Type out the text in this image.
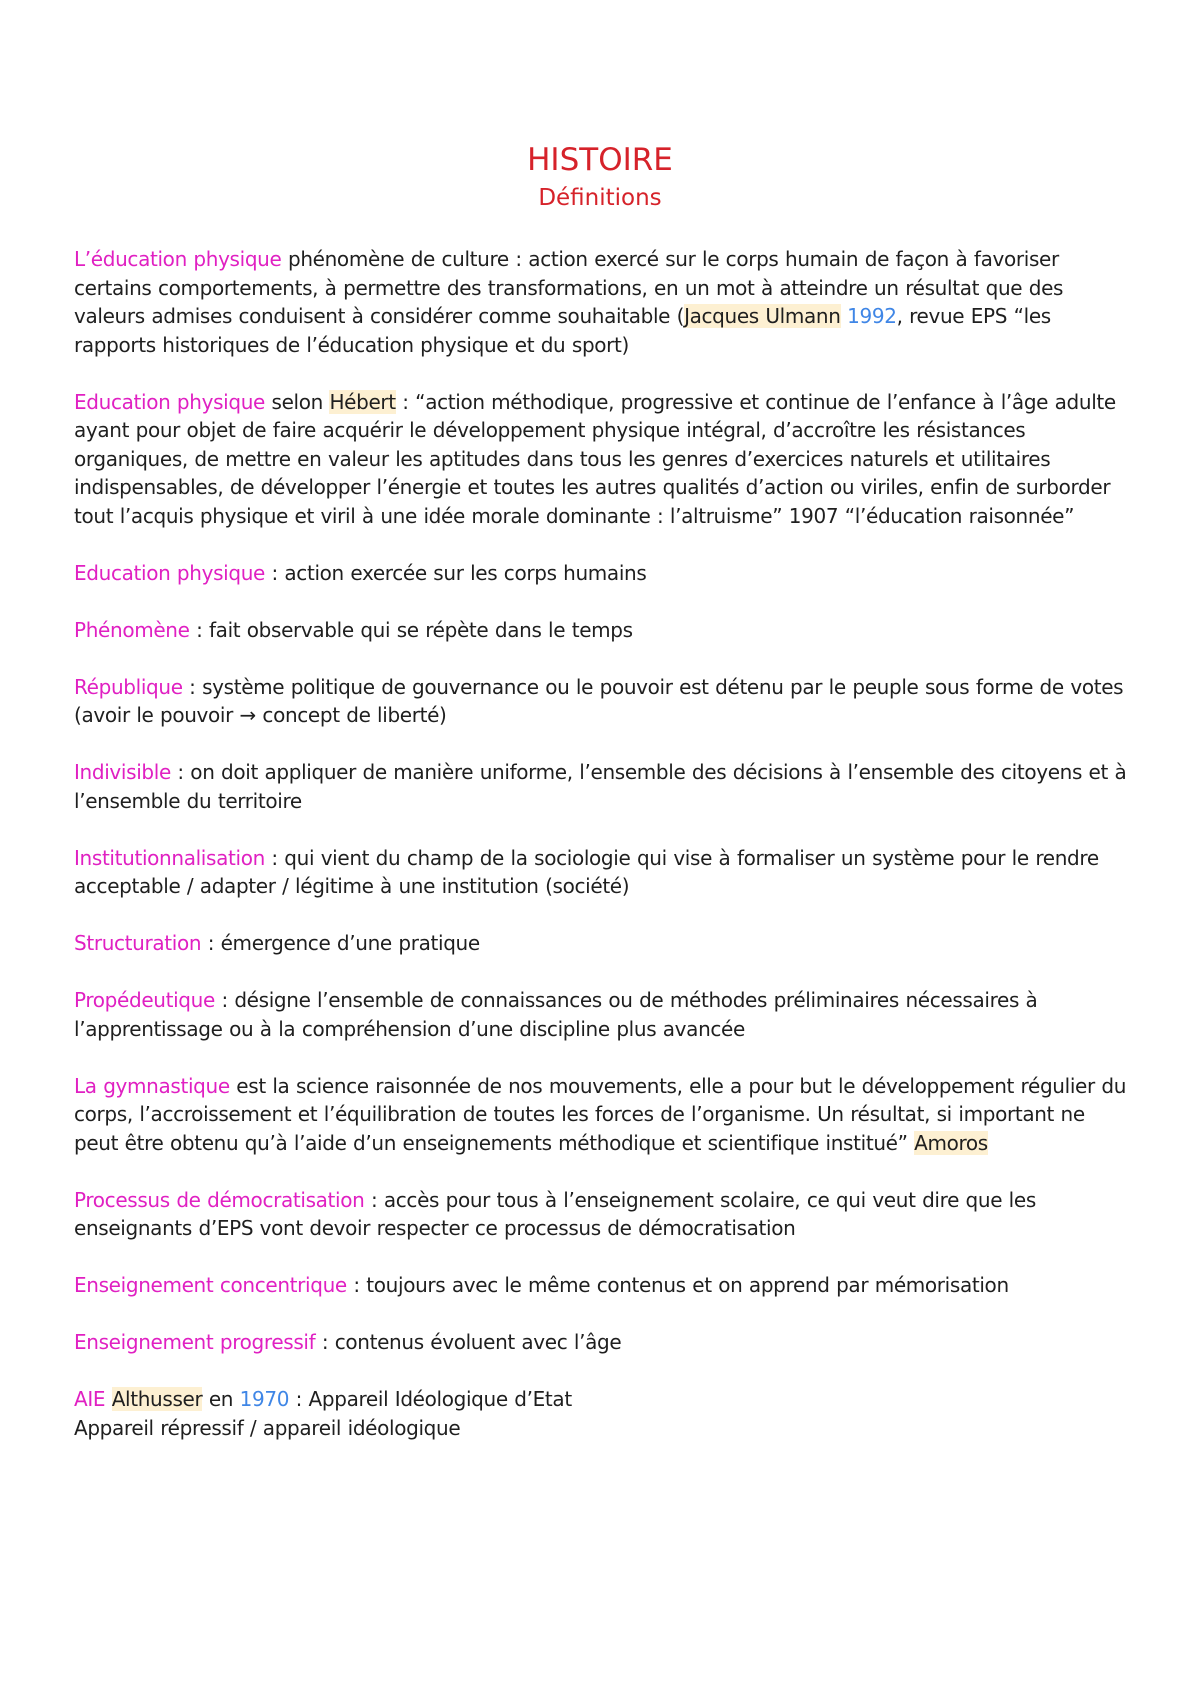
HISTOIRE
Définitions

L’éducation physique phénomène de culture : action exercé sur le corps humain de façon à favoriser certains comportements, à permettre des transformations, en un mot à atteindre un résultat que des valeurs admises conduisent à considérer comme souhaitable (Jacques Ulmann 1992, revue EPS “les rapports historiques de l’éducation physique et du sport)

Education physique selon Hébert : “action méthodique, progressive et continue de l’enfance à l’âge adulte ayant pour objet de faire acquérir le développement physique intégral, d’accroître les résistances organiques, de mettre en valeur les aptitudes dans tous les genres d’exercices naturels et utilitaires indispensables, de développer l’énergie et toutes les autres qualités d’action ou viriles, enfin de surborder tout l’acquis physique et viril à une idée morale dominante : l’altruisme” 1907 “l’éducation raisonnée”

Education physique : action exercée sur les corps humains

Phénomène : fait observable qui se répète dans le temps

République : système politique de gouvernance ou le pouvoir est détenu par le peuple sous forme de votes (avoir le pouvoir → concept de liberté)

Indivisible : on doit appliquer de manière uniforme, l’ensemble des décisions à l’ensemble des citoyens et à l’ensemble du territoire

Institutionnalisation : qui vient du champ de la sociologie qui vise à formaliser un système pour le rendre acceptable / adapter / légitime à une institution (société)

Structuration : émergence d’une pratique

Propédeutique : désigne l’ensemble de connaissances ou de méthodes préliminaires nécessaires à l’apprentissage ou à la compréhension d’une discipline plus avancée

La gymnastique est la science raisonnée de nos mouvements, elle a pour but le développement régulier du corps, l’accroissement et l’équilibration de toutes les forces de l’organisme. Un résultat, si important ne peut être obtenu qu’à l’aide d’un enseignements méthodique et scientifique institué” Amoros

Processus de démocratisation : accès pour tous à l’enseignement scolaire, ce qui veut dire que les enseignants d’EPS vont devoir respecter ce processus de démocratisation

Enseignement concentrique : toujours avec le même contenus et on apprend par mémorisation

Enseignement progressif : contenus évoluent avec l’âge

AIE Althusser en 1970 : Appareil Idéologique d’Etat
Appareil répressif / appareil idéologique
